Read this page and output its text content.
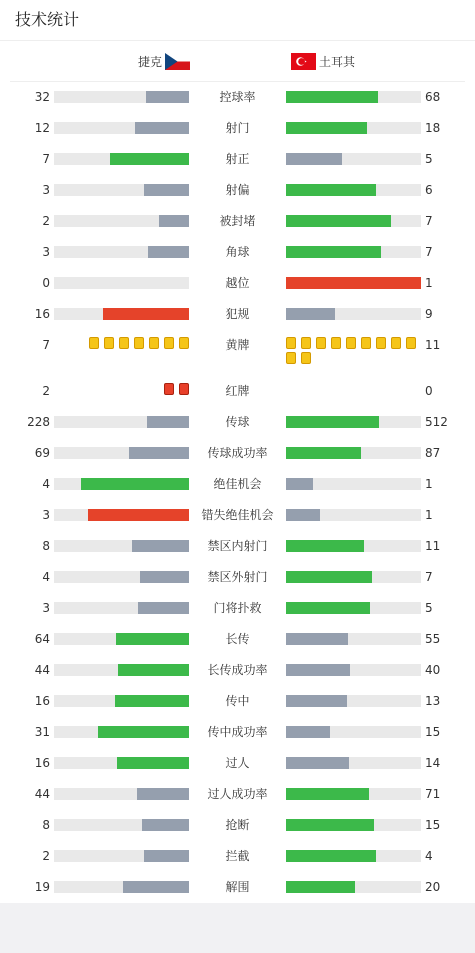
技术统计
捷克	土耳其
32	控球率	68
12	射门	18
7	射正	5
3	射偏	6
2	被封堵	7
3	角球	7
0	越位	1
16	犯规	9
7	黄牌	11
2	红牌	0
228	传球	512
69	传球成功率	87
4	绝佳机会	1
3	错失绝佳机会	1
8	禁区内射门	11
4	禁区外射门	7
3	门将扑救	5
64	长传	55
44	长传成功率	40
16	传中	13
31	传中成功率	15
16	过人	14
44	过人成功率	71
8	抢断	15
2	拦截	4
19	解围	20
